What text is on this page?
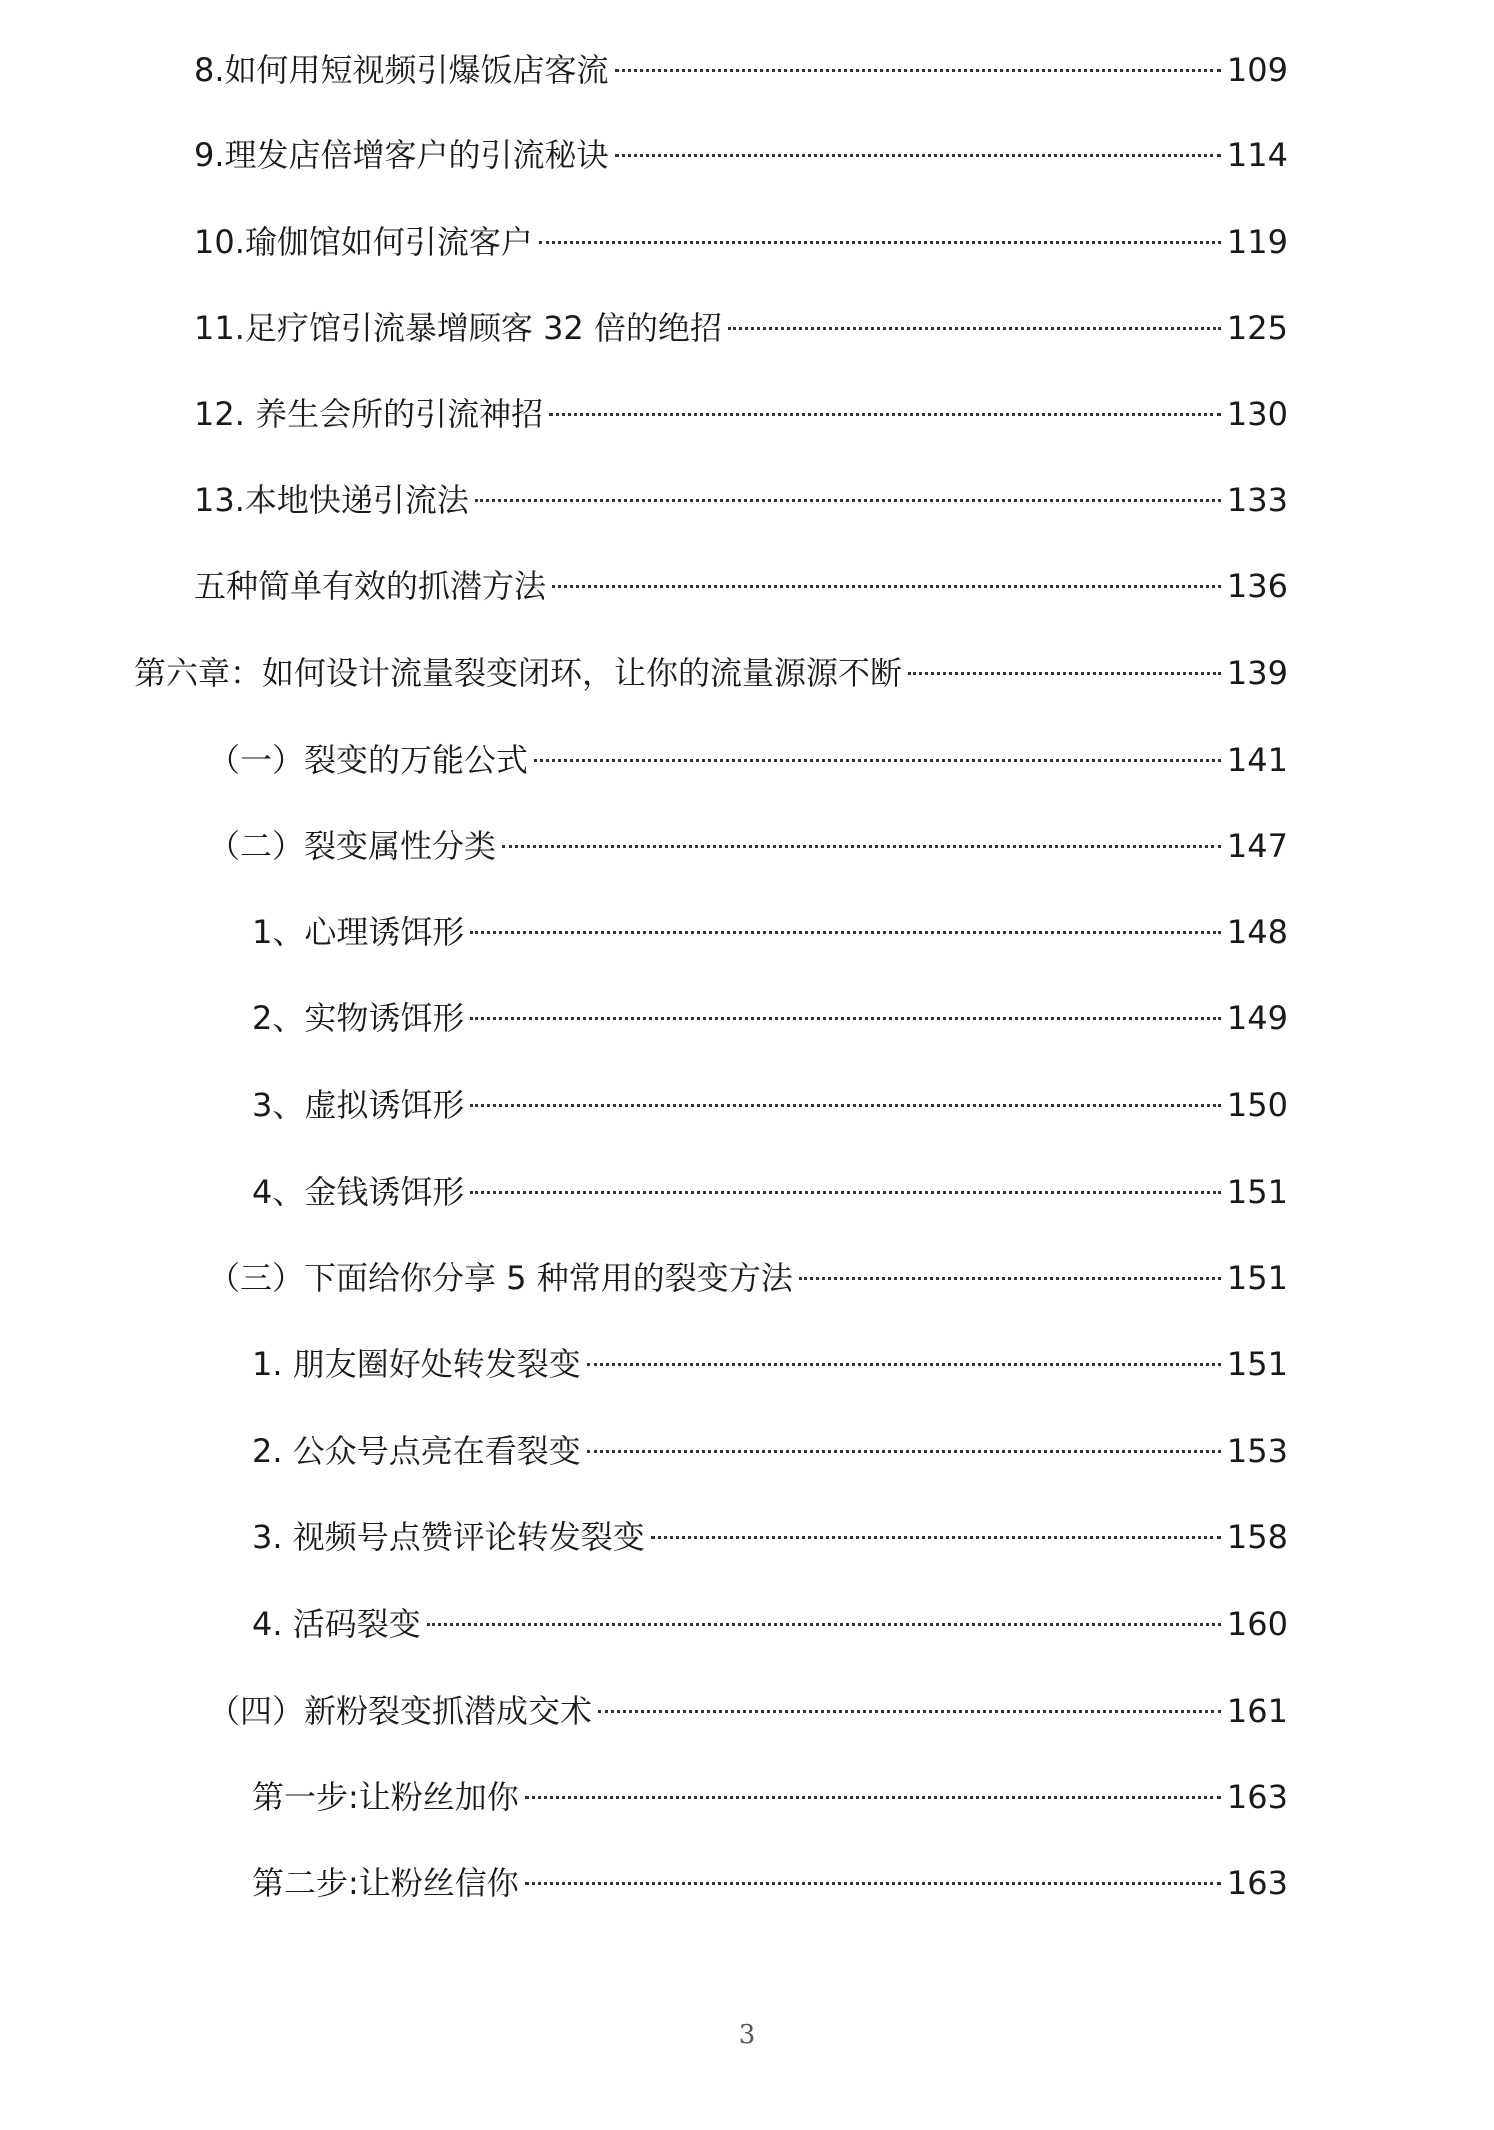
8.如何用短视频引爆饭店客流	109
9.理发店倍增客户的引流秘诀	114
10.瑜伽馆如何引流客户	119
11.足疗馆引流暴增顾客 32 倍的绝招	125
12. 养生会所的引流神招	130
13.本地快递引流法	133
五种简单有效的抓潜方法	136
第六章：如何设计流量裂变闭环，让你的流量源源不断	139
（一）裂变的万能公式	141
（二）裂变属性分类	147
1、心理诱饵形	148
2、实物诱饵形	149
3、虚拟诱饵形	150
4、金钱诱饵形	151
（三）下面给你分享 5 种常用的裂变方法	151
1. 朋友圈好处转发裂变	151
2. 公众号点亮在看裂变	153
3. 视频号点赞评论转发裂变	158
4. 活码裂变	160
（四）新粉裂变抓潜成交术	161
第一步:让粉丝加你	163
第二步:让粉丝信你	163
3
